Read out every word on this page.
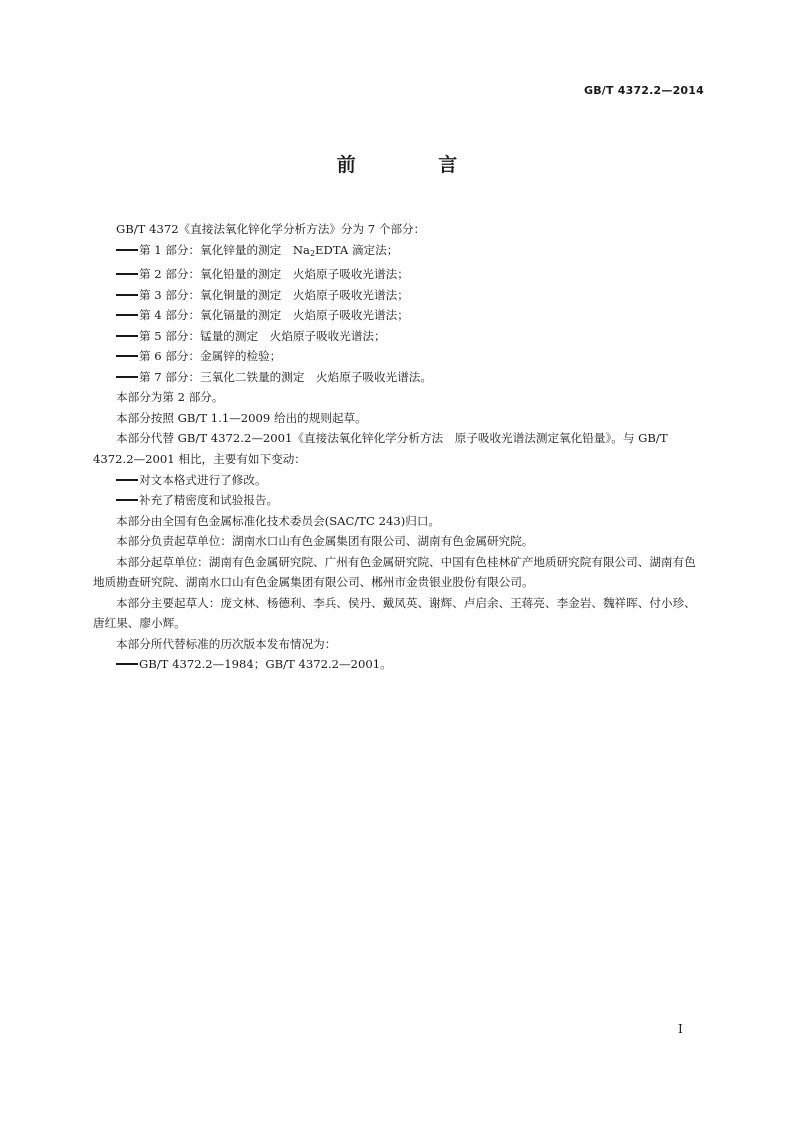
GB/T 4372.2—2014
前 言

GB/T 4372《直接法氧化锌化学分析方法》分为 7 个部分：

第 1 部分：氧化锌量的测定　$Na_2EDTA$ 滴定法；

第 2 部分：氧化铅量的测定　火焰原子吸收光谱法；

第 3 部分：氧化铜量的测定　火焰原子吸收光谱法；

第 4 部分：氧化镉量的测定　火焰原子吸收光谱法；

第 5 部分：锰量的测定　火焰原子吸收光谱法；

第 6 部分：金属锌的检验；

第 7 部分：三氧化二铁量的测定　火焰原子吸收光谱法。

本部分为第 2 部分。

本部分按照 GB/T 1.1—2009 给出的规则起草。

本部分代替 GB/T 4372.2—2001《直接法氧化锌化学分析方法　原子吸收光谱法测定氧化铅量》。与 GB/T 4372.2—2001 相比，主要有如下变动：

对文本格式进行了修改。

补充了精密度和试验报告。

本部分由全国有色金属标准化技术委员会(SAC/TC 243)归口。

本部分负责起草单位：湖南水口山有色金属集团有限公司、湖南有色金属研究院。

本部分起草单位：湖南有色金属研究院、广州有色金属研究院、中国有色桂林矿产地质研究院有限公司、湖南有色地质勘查研究院、湖南水口山有色金属集团有限公司、郴州市金贵银业股份有限公司。

本部分主要起草人：庞文林、杨德利、李兵、侯丹、戴凤英、谢辉、卢启余、王蒋亮、李金岩、魏祥晖、付小珍、唐红果、廖小辉。

本部分所代替标准的历次版本发布情况为：

GB/T 4372.2—1984；GB/T 4372.2—2001。

I
